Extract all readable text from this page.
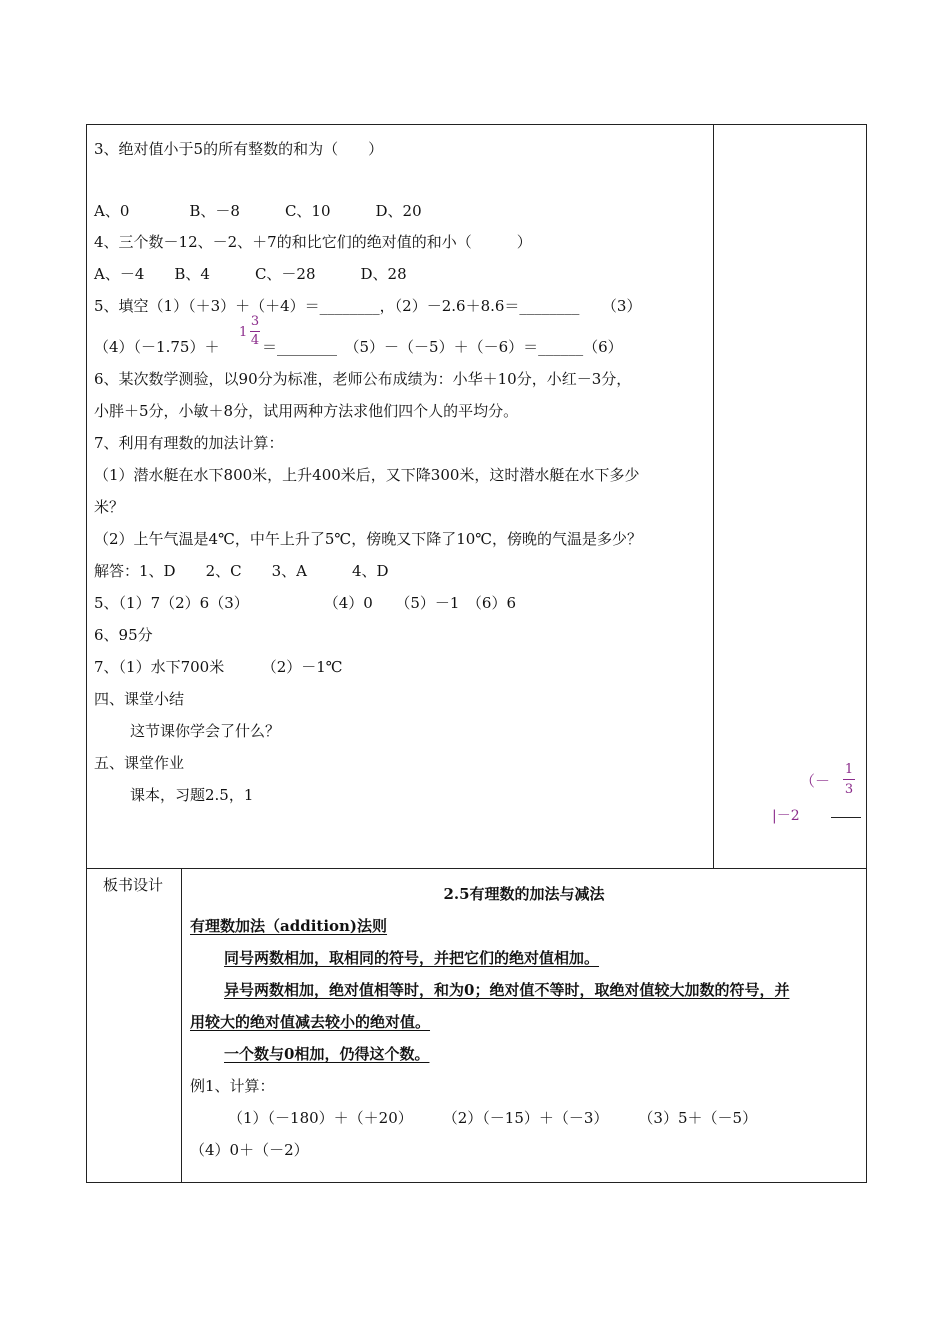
3、绝对值小于5的所有整数的和为（　　）
A、0　　　　B、－8　　　C、10　　　D、20
4、三个数－12、－2、＋7的和比它们的绝对值的和小（　　　）
A、－4　　B、4　　　C、－28　　　D、28
5、填空（1）（＋3）＋（＋4）＝________，（2）－2.6＋8.6＝________　　（3）
（4）（－1.75）＋
1
3
4 ＝________　（5）－（－5）＋（－6）＝______（6）
6、某次数学测验，以90分为标准，老师公布成绩为：小华＋10分，小红－3分，
小胖＋5分，小敏＋8分，试用两种方法求他们四个人的平均分。
7、利用有理数的加法计算：
（1）潜水艇在水下800米，上升400米后，又下降300米，这时潜水艇在水下多少
米？
（2）上午气温是4℃，中午上升了5℃，傍晚又下降了10℃，傍晚的气温是多少？
解答：1、D　　2、C　　3、A　　　4、D
5、（1）7（2）6（3）　　　　　　（4）0　　（5）－1　（6）6
6、95分
7、（1）水下700米　　　（2）－1℃
四、课堂小结
这节课你学会了什么？
五、课堂作业
课本，习题2.5，1
（－
1
3
|－2
板书设计	2.5有理数的加法与减法
有理数加法（addition)法则
同号两数相加，取相同的符号，并把它们的绝对值相加。
异号两数相加，绝对值相等时，和为0；绝对值不等时，取绝对值较大加数的符号，并
用较大的绝对值减去较小的绝对值。
一个数与0相加，仍得这个数。
例1、计算：
（1）（－180）＋（＋20）　　　（2）（－15）＋（－3）　　　（3）5＋（－5）
（4）0＋（－2）
